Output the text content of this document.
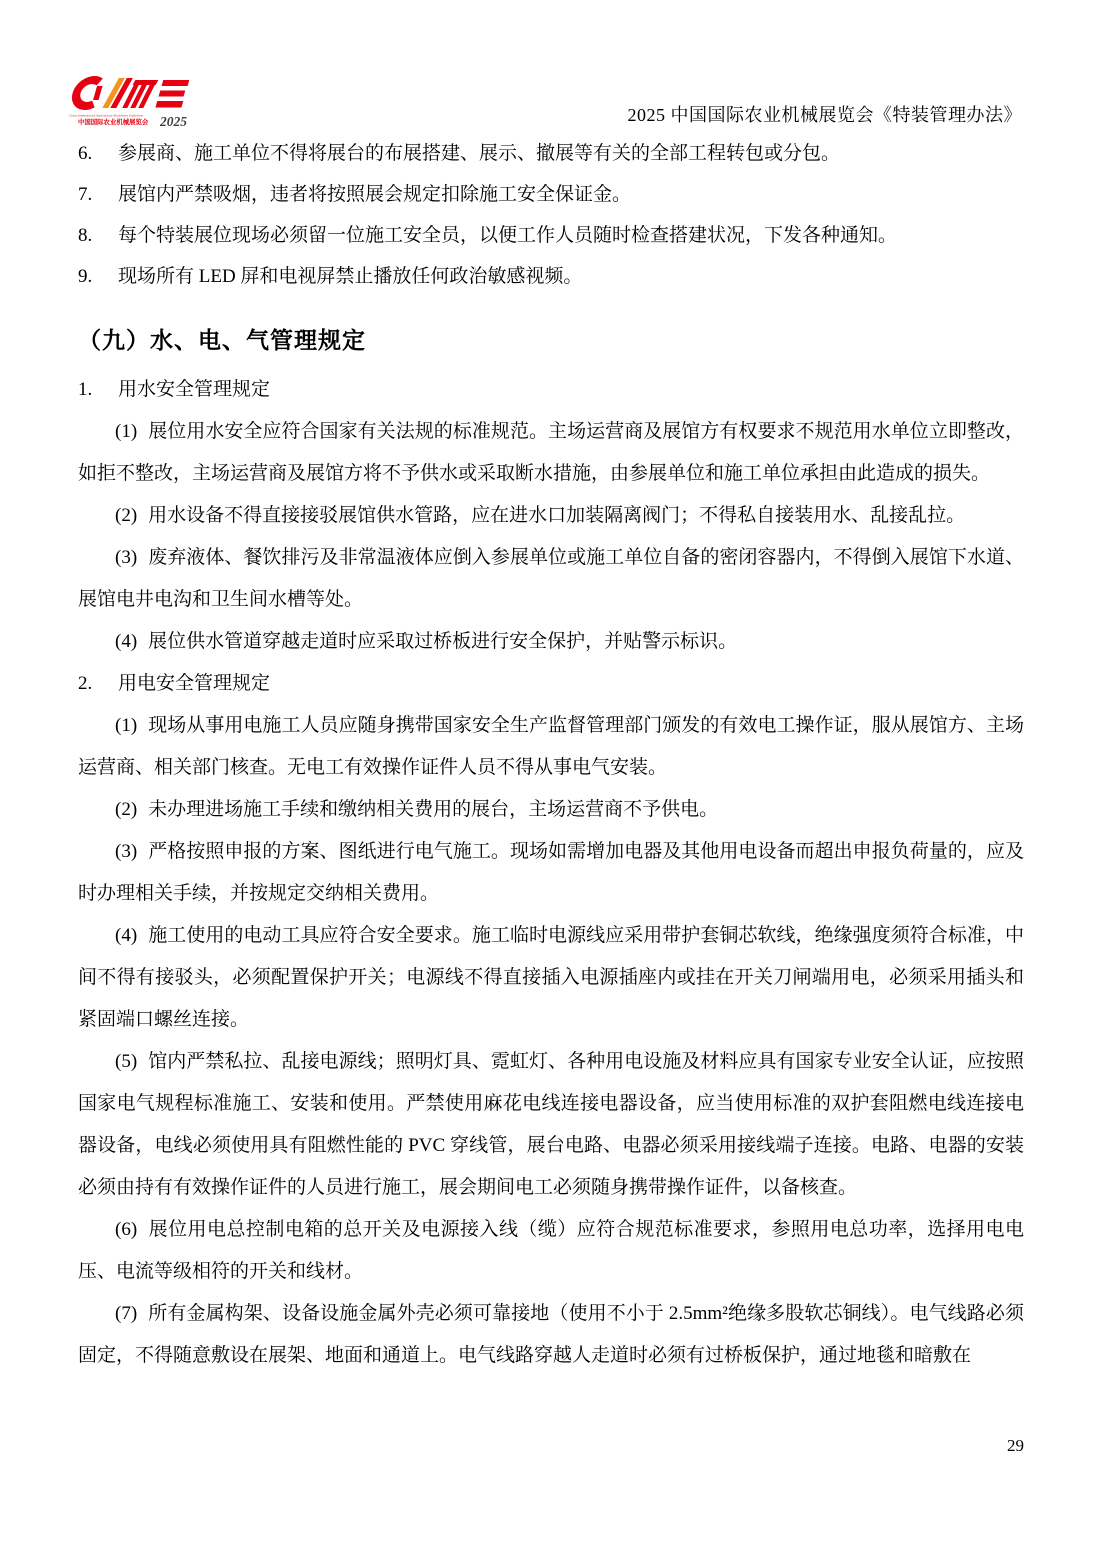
China International Agricultural Machinery Exhibition
中国国际农业机械展览会 2025	2025 中国国际农业机械展览会《特装管理办法》
6.	参展商、施工单位不得将展台的布展搭建、展示、撤展等有关的全部工程转包或分包。
7.	展馆内严禁吸烟，违者将按照展会规定扣除施工安全保证金。
8.	每个特装展位现场必须留一位施工安全员，以便工作人员随时检查搭建状况，下发各种通知。
9.	现场所有 LED 屏和电视屏禁止播放任何政治敏感视频。
（九）水、电、气管理规定
1.	用水安全管理规定

(1) 展位用水安全应符合国家有关法规的标准规范。主场运营商及展馆方有权要求不规范用水单位立即整改，如拒不整改，主场运营商及展馆方将不予供水或采取断水措施，由参展单位和施工单位承担由此造成的损失。

(2) 用水设备不得直接接驳展馆供水管路，应在进水口加装隔离阀门；不得私自接装用水、乱接乱拉。

(3) 废弃液体、餐饮排污及非常温液体应倒入参展单位或施工单位自备的密闭容器内，不得倒入展馆下水道、展馆电井电沟和卫生间水槽等处。

(4) 展位供水管道穿越走道时应采取过桥板进行安全保护，并贴警示标识。

2.	用电安全管理规定

(1) 现场从事用电施工人员应随身携带国家安全生产监督管理部门颁发的有效电工操作证，服从展馆方、主场运营商、相关部门核查。无电工有效操作证件人员不得从事电气安装。

(2) 未办理进场施工手续和缴纳相关费用的展台，主场运营商不予供电。

(3) 严格按照申报的方案、图纸进行电气施工。现场如需增加电器及其他用电设备而超出申报负荷量的，应及时办理相关手续，并按规定交纳相关费用。

(4) 施工使用的电动工具应符合安全要求。施工临时电源线应采用带护套铜芯软线，绝缘强度须符合标准，中间不得有接驳头，必须配置保护开关；电源线不得直接插入电源插座内或挂在开关刀闸端用电，必须采用插头和紧固端口螺丝连接。

(5) 馆内严禁私拉、乱接电源线；照明灯具、霓虹灯、各种用电设施及材料应具有国家专业安全认证，应按照国家电气规程标准施工、安装和使用。严禁使用麻花电线连接电器设备，应当使用标准的双护套阻燃电线连接电器设备，电线必须使用具有阻燃性能的 PVC 穿线管，展台电路、电器必须采用接线端子连接。电路、电器的安装必须由持有有效操作证件的人员进行施工，展会期间电工必须随身携带操作证件，以备核查。

(6) 展位用电总控制电箱的总开关及电源接入线（缆）应符合规范标准要求，参照用电总功率，选择用电电压、电流等级相符的开关和线材。

(7) 所有金属构架、设备设施金属外壳必须可靠接地（使用不小于 2.5mm²绝缘多股软芯铜线）。电气线路必须固定，不得随意敷设在展架、地面和通道上。电气线路穿越人走道时必须有过桥板保护，通过地毯和暗敷在

29
